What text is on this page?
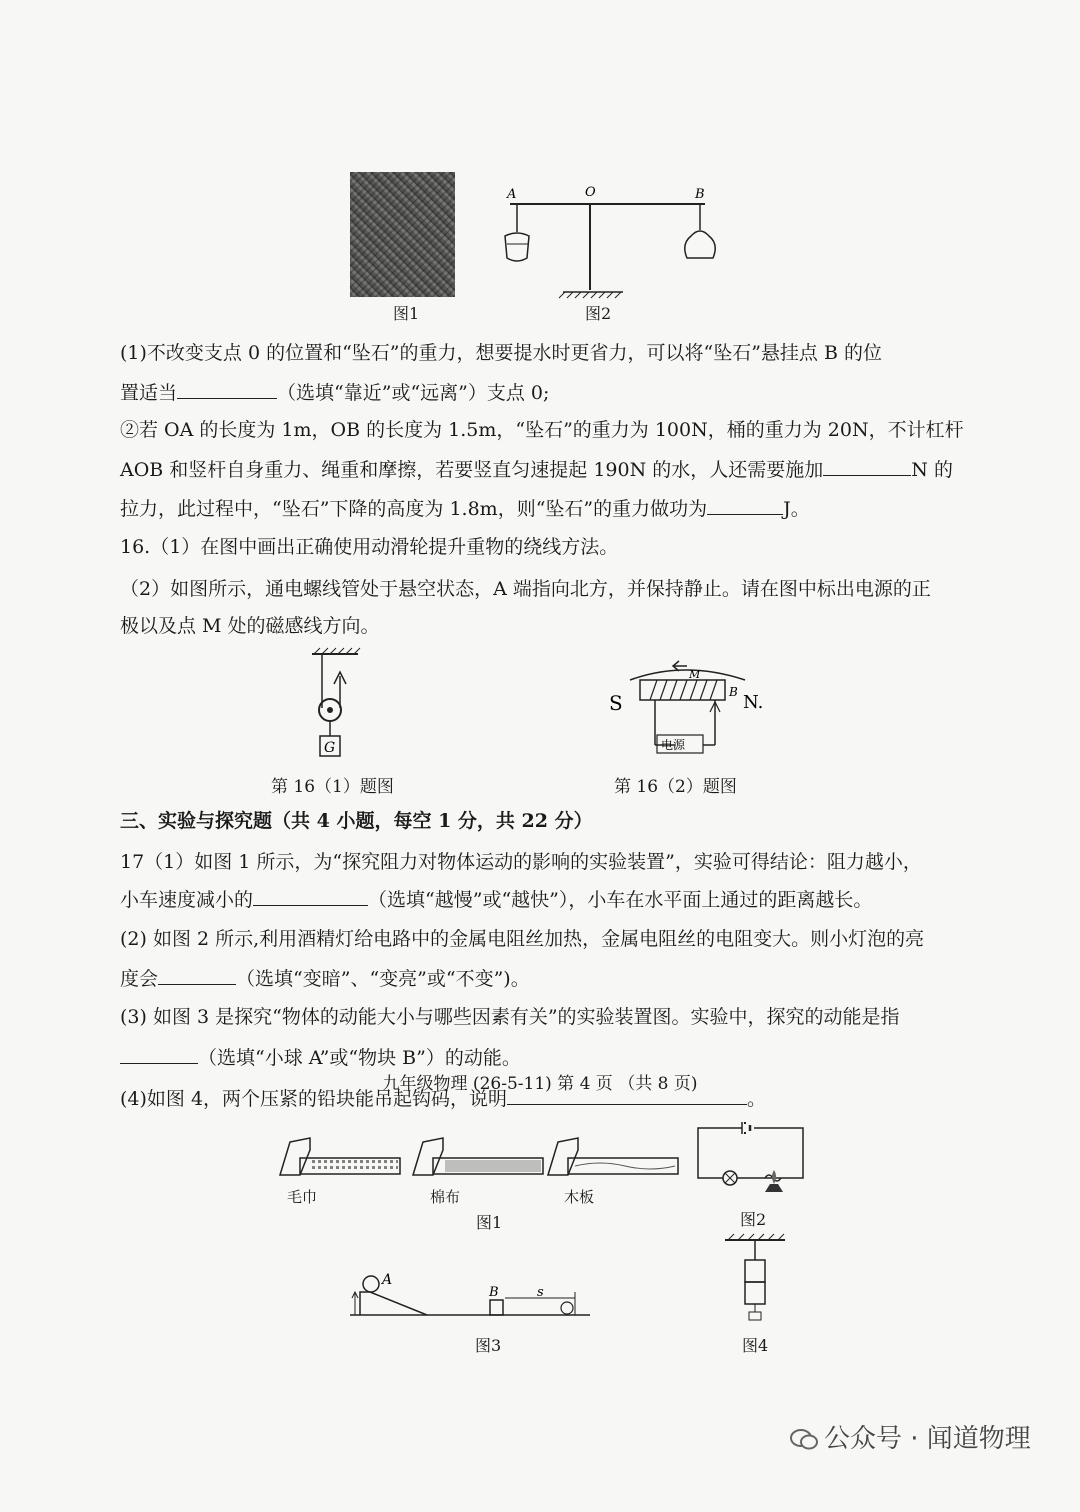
图1
A	O	B
图2
(1)不改变支点 0 的位置和“坠石”的重力，想要提水时更省力，可以将“坠石”悬挂点 B 的位
置适当	（选填“靠近”或“远离”）支点 0;
②若 OA 的长度为 1m，OB 的长度为 1.5m，“坠石”的重力为 100N，桶的重力为 20N，不计杠杆
AOB 和竖杆自身重力、绳重和摩擦，若要竖直匀速提起 190N 的水，人还需要施加	N 的
拉力，此过程中，“坠石”下降的高度为 1.8m，则“坠石”的重力做功为	J。
16.（1）在图中画出正确使用动滑轮提升重物的绕线方法。
（2）如图所示，通电螺线管处于悬空状态，A 端指向北方，并保持静止。请在图中标出电源的正
极以及点 M 处的磁感线方向。
G
第 16（1）题图
电源
M
B
S	N.
第 16（2）题图
三、实验与探究题（共 4 小题，每空 1 分，共 22 分）
17（1）如图 1 所示，为“探究阻力对物体运动的影响的实验装置”，实验可得结论：阻力越小，
小车速度减小的	（选填“越慢”或“越快”），小车在水平面上通过的距离越长。
(2) 如图 2 所示,利用酒精灯给电路中的金属电阻丝加热，金属电阻丝的电阻变大。则小灯泡的亮
度会	（选填“变暗”、“变亮”或“不变”)。
(3) 如图 3 是探究“物体的动能大小与哪些因素有关”的实验装置图。实验中，探究的动能是指
（选填“小球 A”或“物块 B”）的动能。
(4)如图 4，两个压紧的铅块能吊起钩码，说明	。
毛巾	棉布	木板
图1	图2
A
B	s
图3	图4
九年级物理 (26-5-11) 第 4 页 （共 8 页)
公众号 · 闻道物理
